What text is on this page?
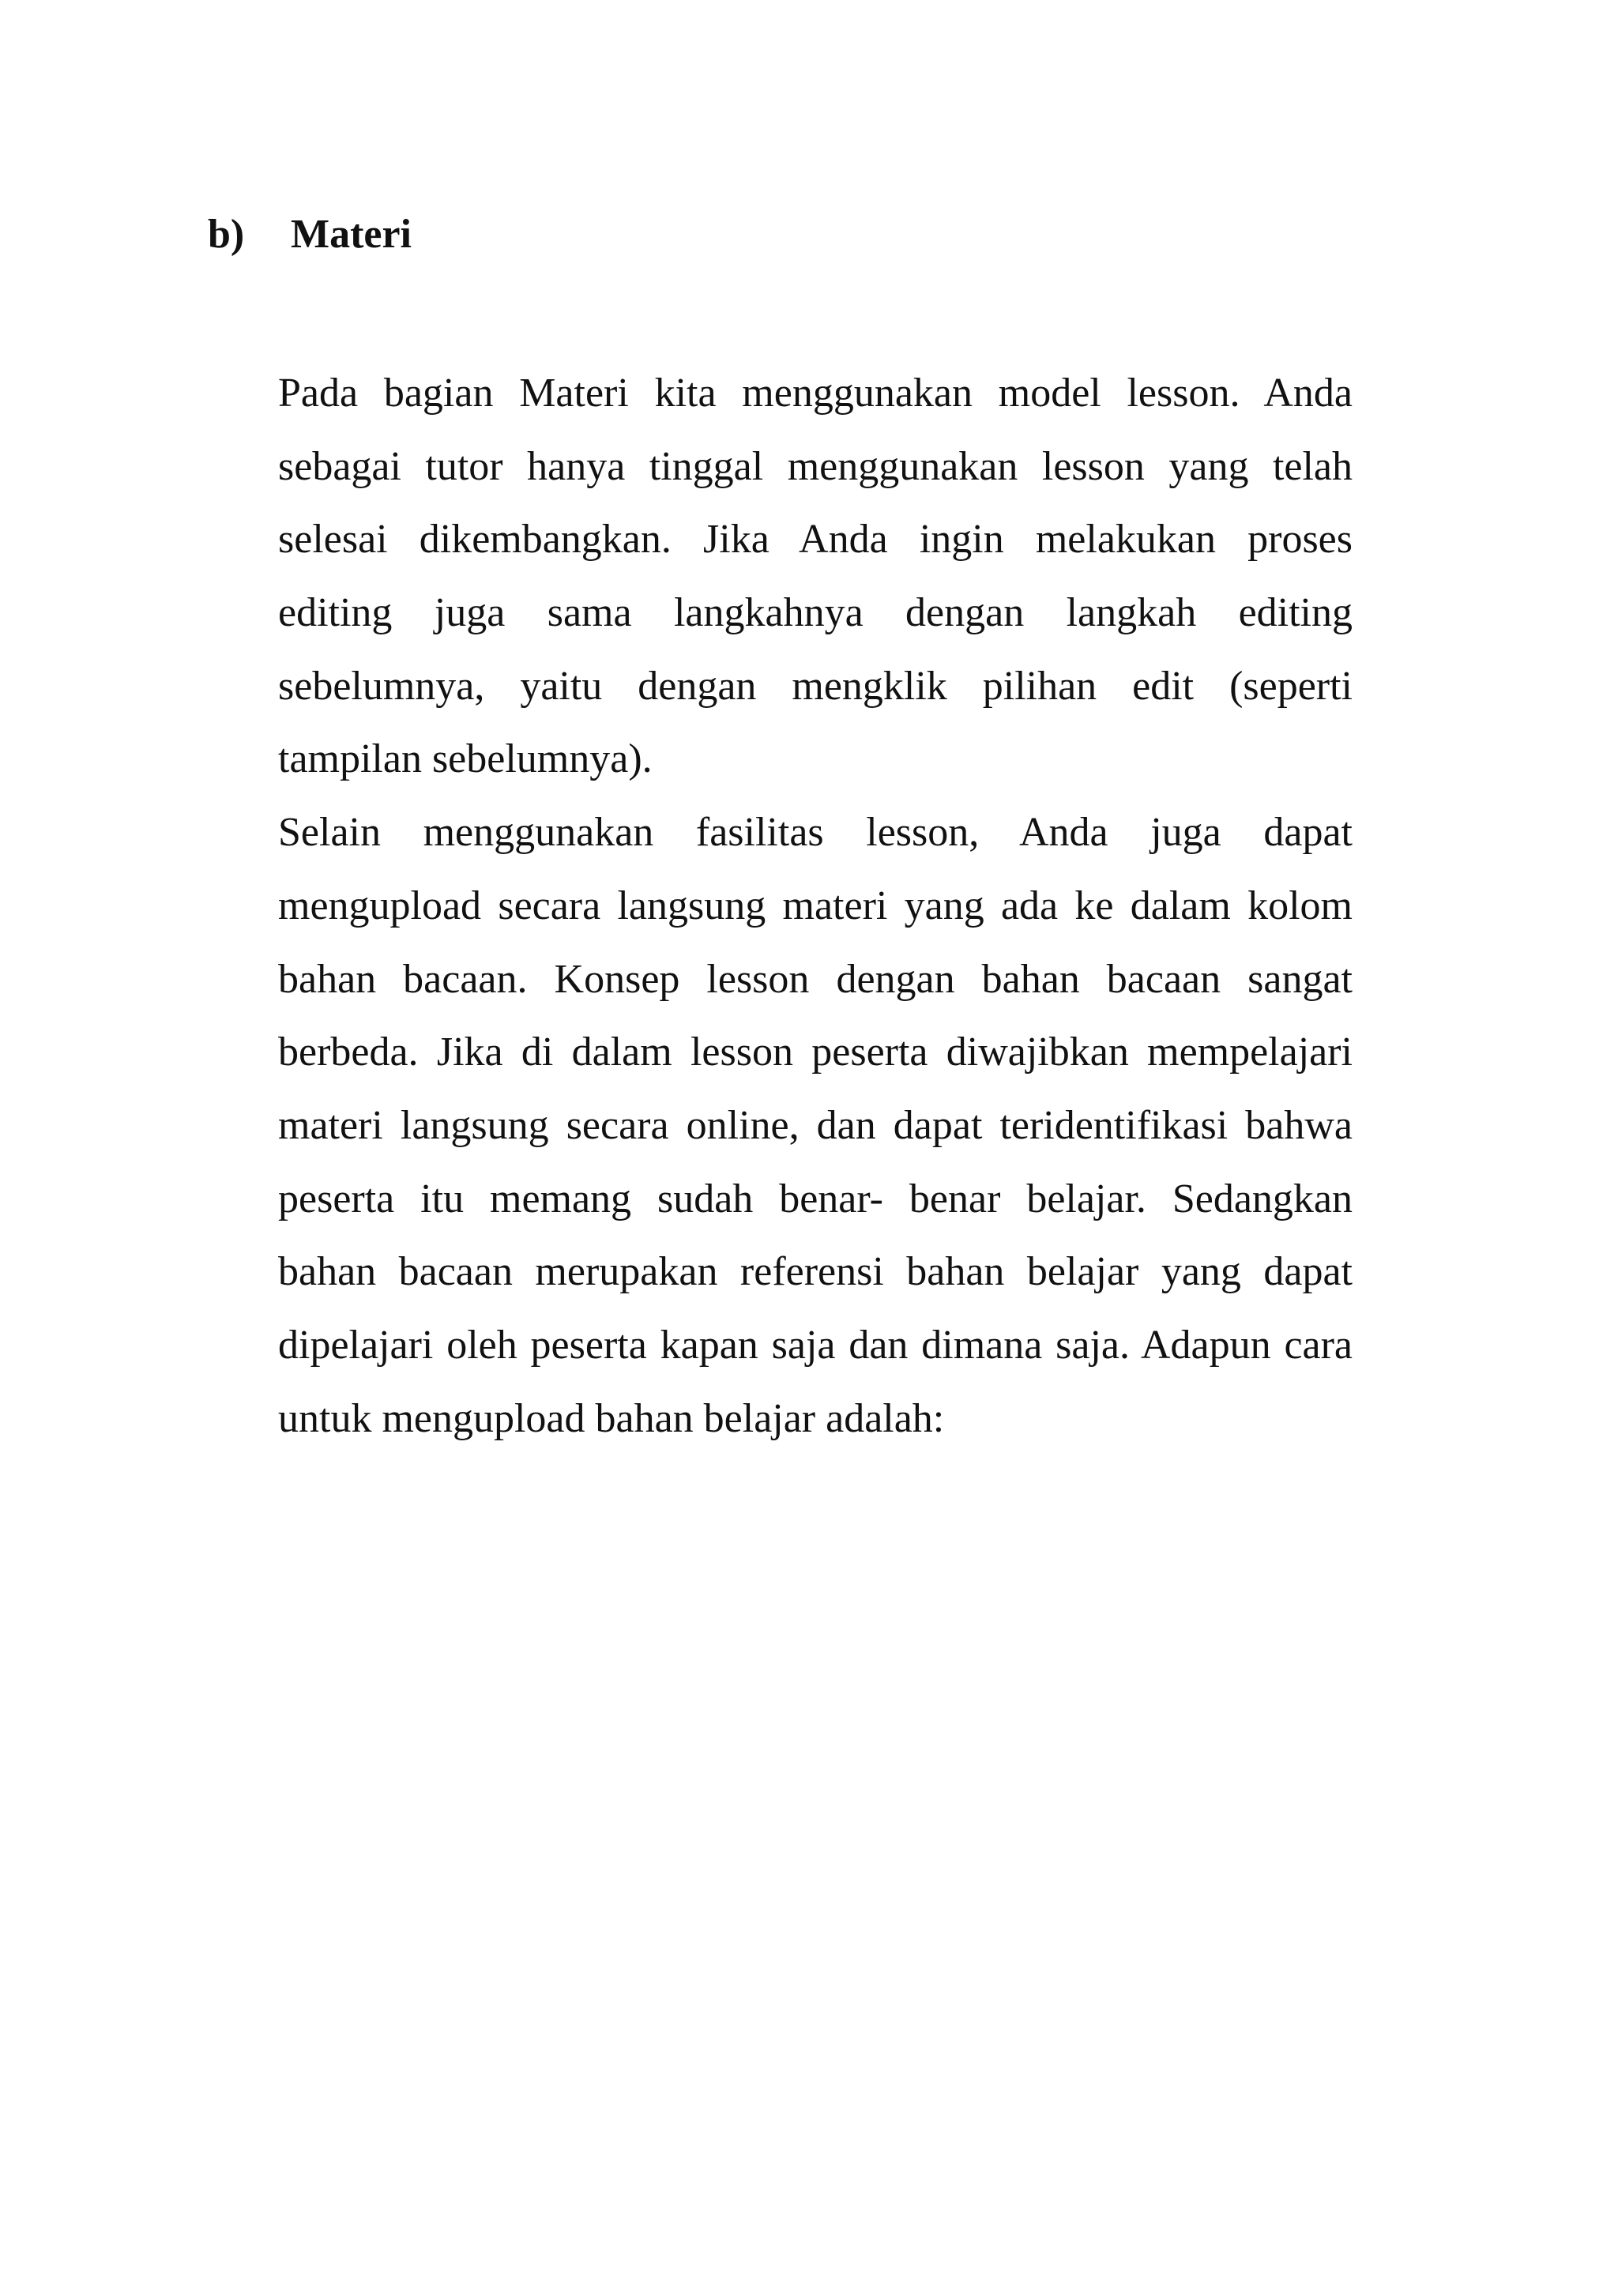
b) Materi
Pada bagian Materi kita menggunakan model lesson. Anda
sebagai tutor hanya tinggal menggunakan lesson yang telah
selesai dikembangkan. Jika Anda ingin melakukan proses
editing juga sama langkahnya dengan langkah editing
sebelumnya, yaitu dengan mengklik pilihan edit (seperti
tampilan sebelumnya).
Selain menggunakan fasilitas lesson, Anda juga dapat
mengupload secara langsung materi yang ada ke dalam kolom
bahan bacaan. Konsep lesson dengan bahan bacaan sangat
berbeda. Jika di dalam lesson peserta diwajibkan mempelajari
materi langsung secara online, dan dapat teridentifikasi bahwa
peserta itu memang sudah benar- benar belajar. Sedangkan
bahan bacaan merupakan referensi bahan belajar yang dapat
dipelajari oleh peserta kapan saja dan dimana saja. Adapun cara
untuk mengupload bahan belajar adalah:
